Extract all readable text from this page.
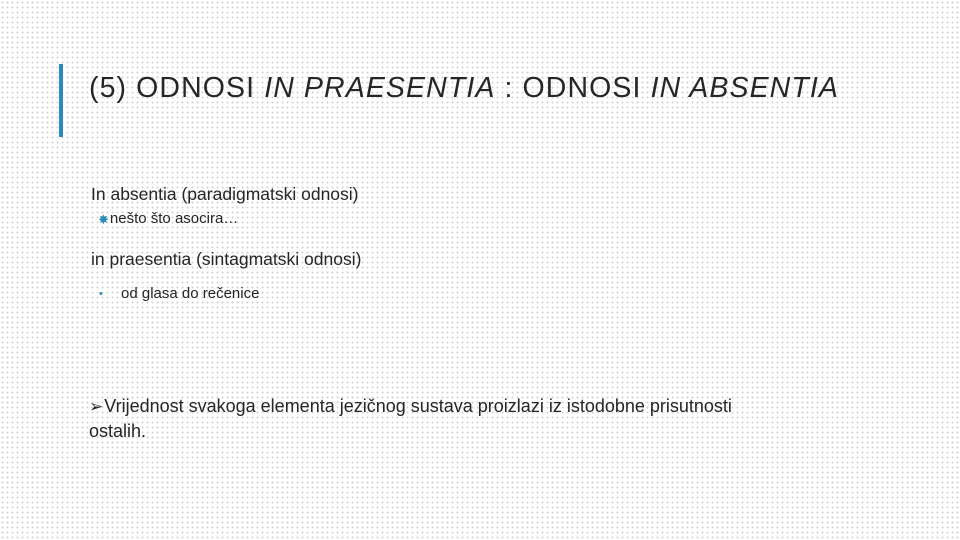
(5) ODNOSI IN PRAESENTIA : ODNOSI IN ABSENTIA
In absentia (paradigmatski odnosi)
✸ nešto što asocira…
in praesentia (sintagmatski odnosi)
•	od glasa do rečenice
➢Vrijednost svakoga elementa jezičnog sustava proizlazi iz istodobne prisutnosti ostalih.
